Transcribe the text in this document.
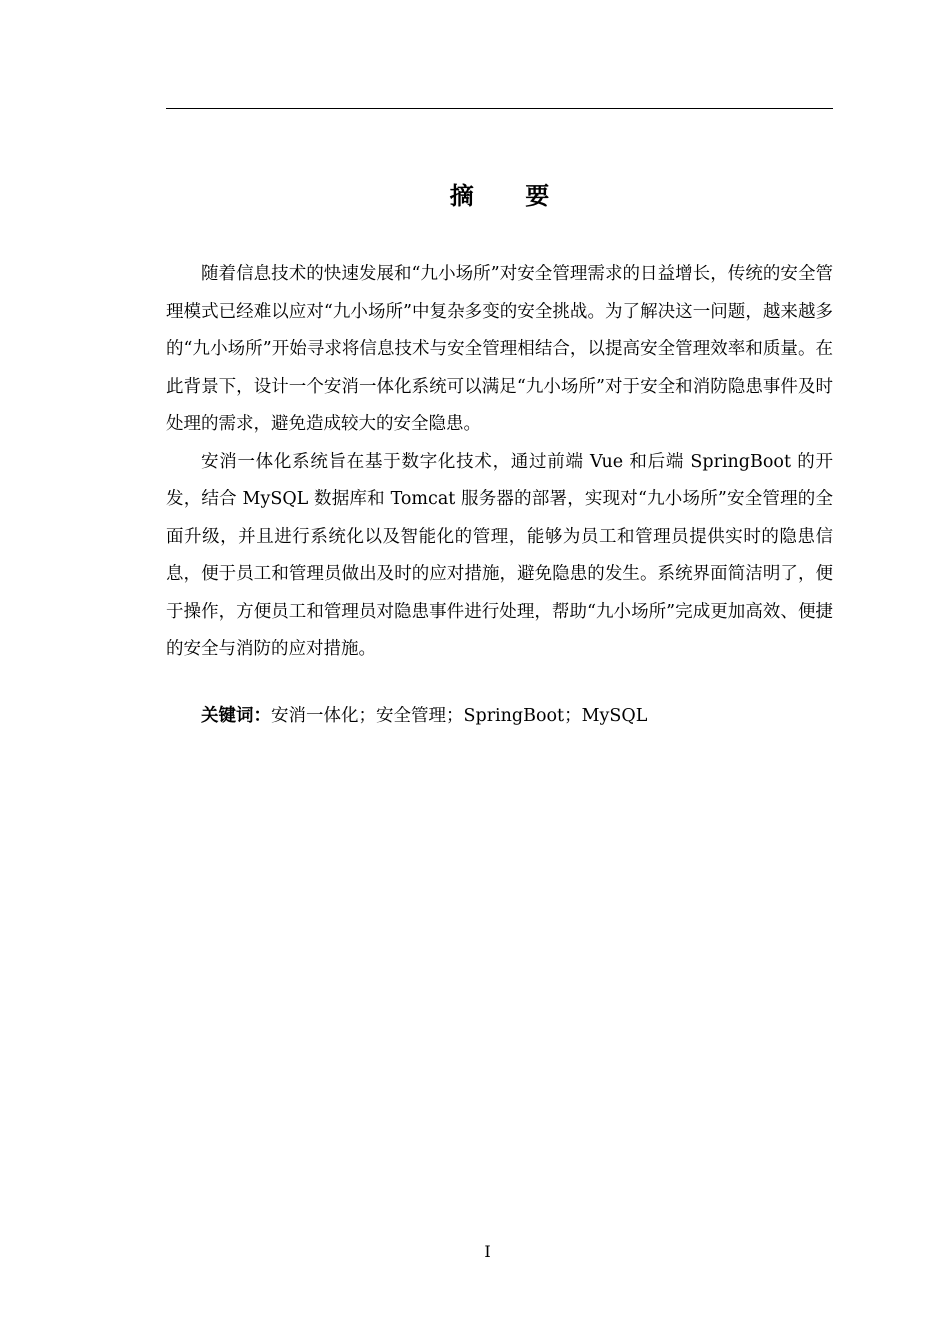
摘 要

随着信息技术的快速发展和“九小场所”对安全管理需求的日益增长，传统的安全管理模式已经难以应对“九小场所”中复杂多变的安全挑战。为了解决这一问题，越来越多的“九小场所”开始寻求将信息技术与安全管理相结合，以提高安全管理效率和质量。在此背景下，设计一个安消一体化系统可以满足“九小场所”对于安全和消防隐患事件及时处理的需求，避免造成较大的安全隐患。

安消一体化系统旨在基于数字化技术，通过前端 Vue 和后端 SpringBoot 的开发，结合 MySQL 数据库和 Tomcat 服务器的部署，实现对“九小场所”安全管理的全面升级，并且进行系统化以及智能化的管理，能够为员工和管理员提供实时的隐患信息，便于员工和管理员做出及时的应对措施，避免隐患的发生。系统界面简洁明了，便于操作，方便员工和管理员对隐患事件进行处理，帮助“九小场所”完成更加高效、便捷的安全与消防的应对措施。

关键词：安消一体化；安全管理；SpringBoot；MySQL
I
